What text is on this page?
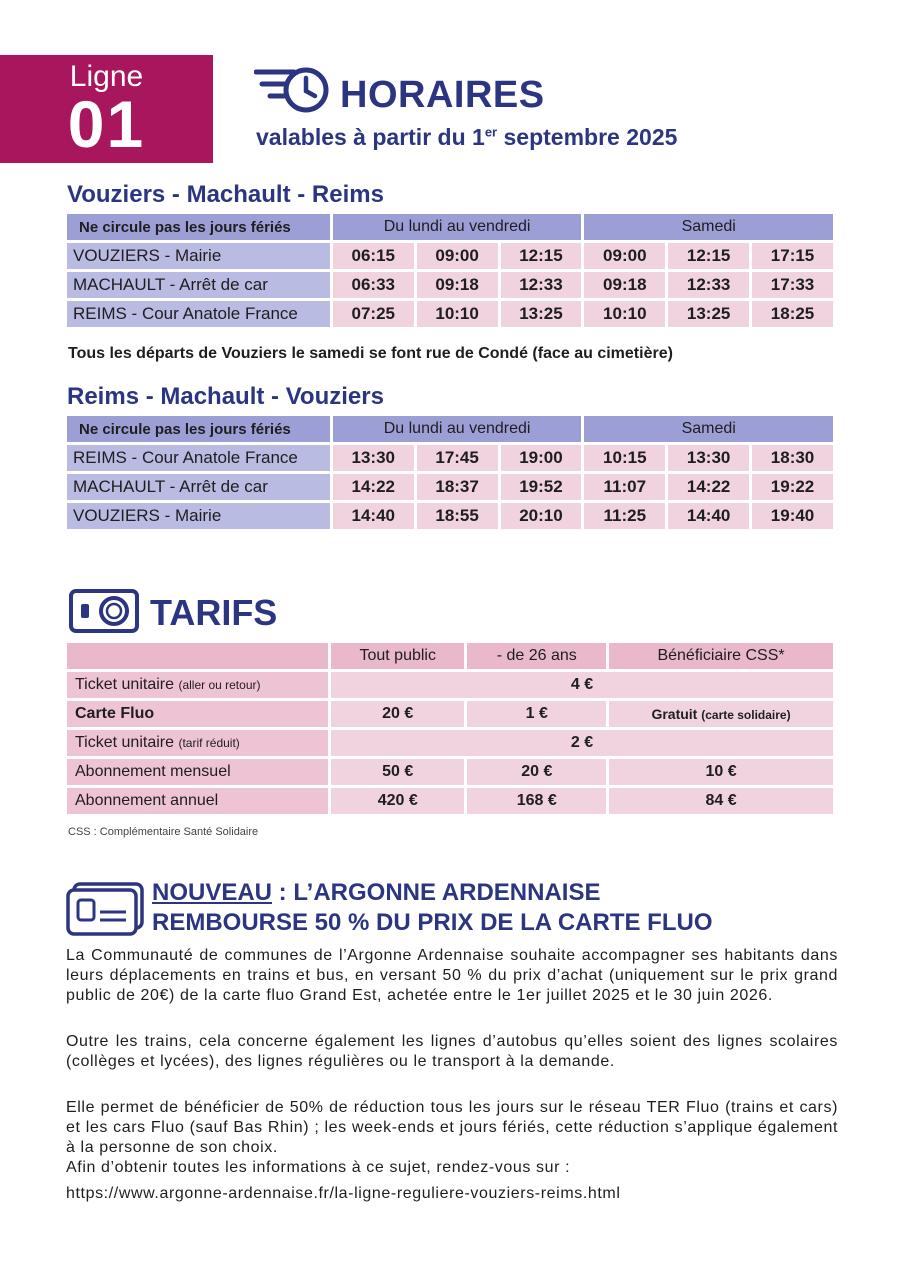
Ligne
01	HORAIRES
valables à partir du 1er septembre 2025
Vouziers - Machault - Reims
Ne circule pas les jours fériés	Du lundi au vendredi			Samedi		
VOUZIERS - Mairie	06:15	09:00	12:15	09:00	12:15	17:15
MACHAULT - Arrêt de car	06:33	09:18	12:33	09:18	12:33	17:33
REIMS - Cour Anatole France	07:25	10:10	13:25	10:10	13:25	18:25
Tous les départs de Vouziers le samedi se font rue de Condé (face au cimetière)
Reims - Machault - Vouziers
Ne circule pas les jours fériés	Du lundi au vendredi			Samedi		
REIMS - Cour Anatole France	13:30	17:45	19:00	10:15	13:30	18:30
MACHAULT - Arrêt de car	14:22	18:37	19:52	11:07	14:22	19:22
VOUZIERS - Mairie	14:40	18:55	20:10	11:25	14:40	19:40
TARIFS
	Tout public	- de 26 ans	Bénéficiaire CSS*
Ticket unitaire (aller ou retour)	4 €		
Carte Fluo	20 €	1 €	Gratuit (carte solidaire)
Ticket unitaire (tarif réduit)	2 €		
Abonnement mensuel	50 €	20 €	10 €
Abonnement annuel	420 €	168 €	84 €
CSS : Complémentaire Santé Solidaire
NOUVEAU : L’ARGONNE ARDENNAISE
REMBOURSE 50 % DU PRIX DE LA CARTE FLUO
La Communauté de communes de l’Argonne Ardennaise souhaite accompagner ses habitants dans leurs déplacements en trains et bus, en versant 50 % du prix d’achat (uniquement sur le prix grand public de 20€) de la carte fluo Grand Est, achetée entre le 1er juillet 2025 et le 30 juin 2026.
Outre les trains, cela concerne également les lignes d’autobus qu’elles soient des lignes scolaires (collèges et lycées), des lignes régulières ou le transport à la demande.
Elle permet de bénéficier de 50% de réduction tous les jours sur le réseau TER Fluo (trains et cars) et les cars Fluo (sauf Bas Rhin) ; les week-ends et jours fériés, cette réduction s’applique également à la personne de son choix.
Afin d’obtenir toutes les informations à ce sujet, rendez-vous sur :
https://www.argonne-ardennaise.fr/la-ligne-reguliere-vouziers-reims.html
